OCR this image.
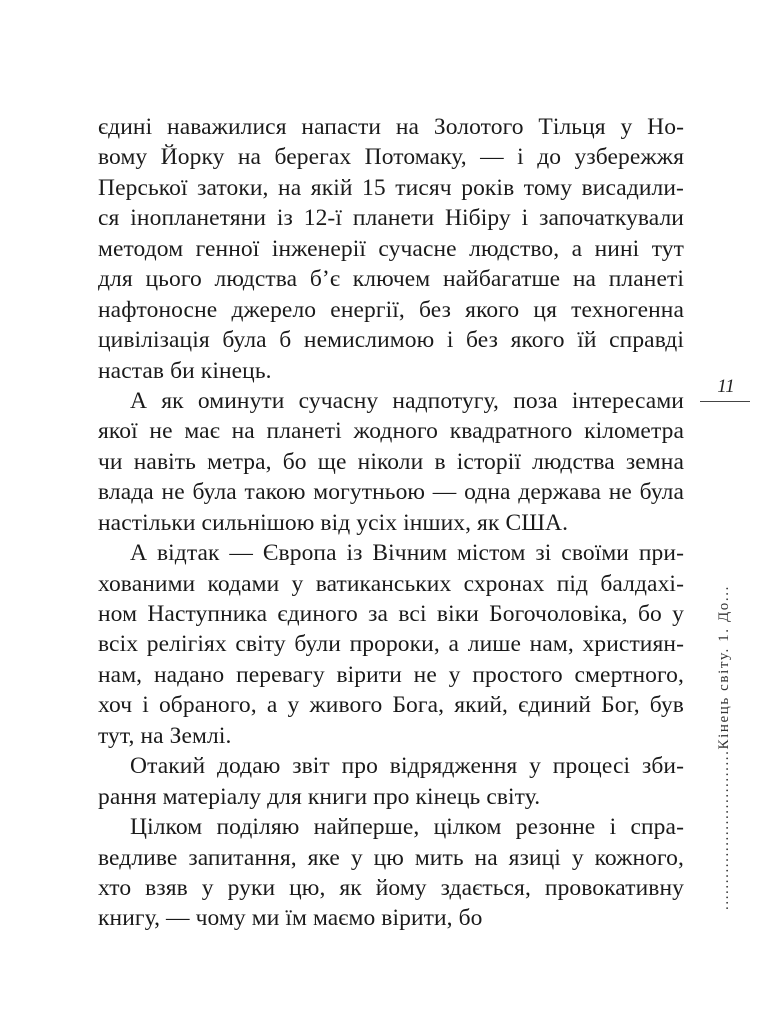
єдині наважилися напасти на Золотого Тільця у Но-
вому Йорку на берегах Потомаку, — і до узбережжя
Перської затоки, на якій 15 тисяч років тому висадили-
ся інопланетяни із 12-ї планети Нібіру і започаткували
методом генної інженерії сучасне людство, а нині тут
для цього людства б’є ключем найбагатше на планеті
нафтоносне джерело енергії, без якого ця техногенна
цивілізація була б немислимою і без якого їй справді
настав би кінець.
А як оминути сучасну надпотугу, поза інтересами
якої не має на планеті жодного квадратного кілометра
чи навіть метра, бо ще ніколи в історії людства земна
влада не була такою могутньою — одна держава не була
настільки сильнішою від усіх інших, як США.
А відтак — Європа із Вічним містом зі своїми при-
хованими кодами у ватиканських схронах під балдахі-
ном Наступника єдиного за всі віки Богочоловіка, бо у
всіх релігіях світу були пророки, а лише нам, християн-
нам, надано перевагу вірити не у простого смертного,
хоч і обраного, а у живого Бога, який, єдиний Бог, був
тут, на Землі.
Отакий додаю звіт про відрядження у процесі зби-
рання матеріалу для книги про кінець світу.
Цілком поділяю найперше, цілком резонне і спра-
ведливе запитання, яке у цю мить на язиці у кожного,
хто взяв у руки цю, як йому здається, провокативну
книгу, — чому ми їм маємо вірити, бо
11
..............................Кінець світу. 1. До...
